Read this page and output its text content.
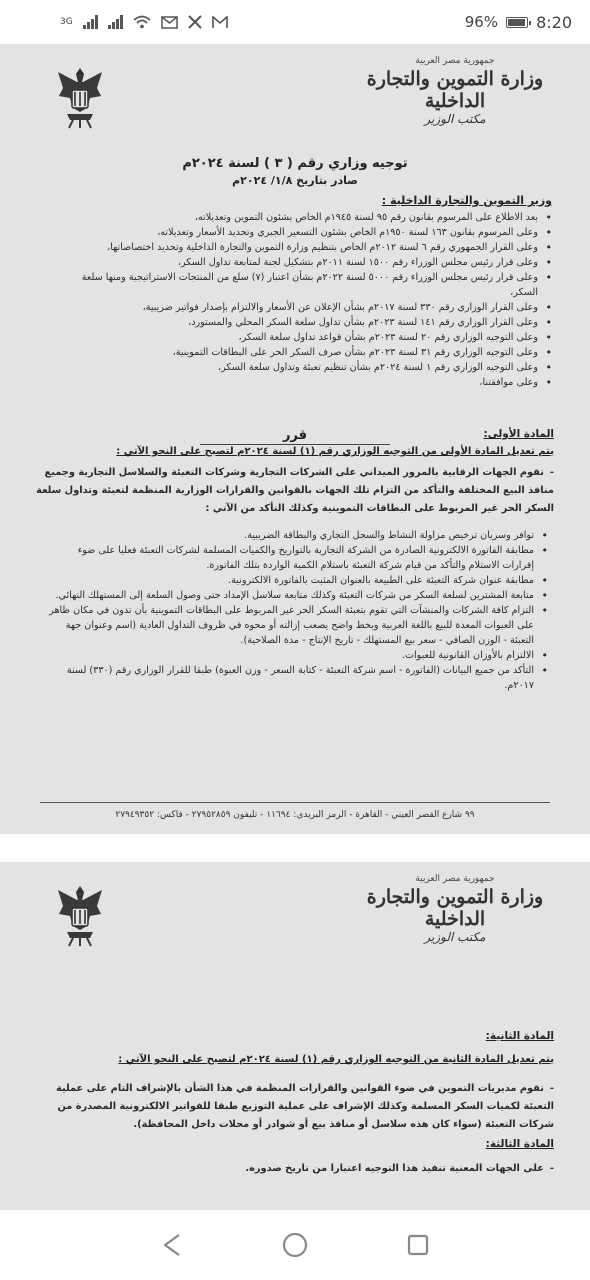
3G	96% 8:20
جمهورية مصر العربية
وزارة التموين والتجارة الداخلية
مكتب الوزير
توجيه وزاري رقم ( ٣ ) لسنة ٢٠٢٤م
صادر بتاريخ ١/٨/ ٢٠٢٤م
وزير التموين والتجارة الداخلية :
• بعد الاطلاع على المرسوم بقانون رقم ٩٥ لسنة ١٩٤٥م الخاص بشئون التموين وتعديلاته،
• وعلى المرسوم بقانون ١٦٣ لسنة ١٩٥٠م الخاص بشئون التسعير الجبري وتحديد الأسعار وتعديلاته،
• وعلى القرار الجمهوري رقم ٦ لسنة ٢٠١٢م الخاص بتنظيم وزارة التموين والتجارة الداخلية وتحديد اختصاصاتها،
• وعلى قرار رئيس مجلس الوزراء رقم ١٥٠٠ لسنة ٢٠١١م بتشكيل لجنة لمتابعة تداول السكر،
• وعلى قرار رئيس مجلس الوزراء رقم ٥٠٠٠ لسنة ٢٠٢٢م بشأن اعتبار (٧) سلع من المنتجات الاستراتيجية ومنها سلعة السكر،
• وعلى القرار الوزاري رقم ٣٣٠ لسنة ٢٠١٧م بشأن الإعلان عن الأسعار والالتزام بإصدار فواتير ضريبية،
• وعلى القرار الوزاري رقم ١٤١ لسنة ٢٠٢٣م بشأن تداول سلعة السكر المحلي والمستورد،
• وعلى التوجيه الوزاري رقم ٢٠ لسنة ٢٠٢٣م بشأن قواعد تداول سلعة السكر،
• وعلى التوجيه الوزاري رقم ٣١ لسنة ٢٠٢٣م بشأن صرف السكر الحر على البطاقات التموينية،
• وعلى التوجيه الوزاري رقم ١ لسنة ٢٠٢٤م بشأن تنظيم تعبئة وتداول سلعة السكر،
• وعلى موافقتنا،
قرر	المادة الأولى:
يتم تعديل المادة الأولى من التوجيه الوزاري رقم (١) لسنة ٢٠٢٤م لتصبح على النحو الآتي :
-تقوم الجهات الرقابية بالمرور الميداني على الشركات التجارية وشركات التعبئة والسلاسل التجارية وجميع منافذ البيع المختلفة والتأكد من التزام تلك الجهات بالقوانين والقرارات الوزارية المنظمة لتعبئة وتداول سلعة السكر الحر غير المربوط على البطاقات التموينية وكذلك التأكد من الآتي :
• توافر وسريان ترخيص مزاولة النشاط والسجل التجاري والبطاقة الضريبية.
• مطابقة الفاتورة الالكترونية الصادرة من الشركة التجارية بالتواريخ والكميات المسلمة لشركات التعبئة فعليا على ضوء إقرارات الاستلام والتأكد من قيام شركة التعبئة باستلام الكمية الواردة بتلك الفاتورة.
• مطابقة عنوان شركة التعبئة على الطبيعة بالعنوان المثبت بالفاتورة الالكترونية.
• متابعة المشترين لسلعة السكر من شركات التعبئة وكذلك متابعة سلاسل الإمداد حتى وصول السلعة إلى المستهلك النهائي.
• التزام كافة الشركات والمنشآت التي تقوم بتعبئة السكر الحر غير المربوط على البطاقات التموينية بأن تدون في مكان ظاهر على العبوات المعدة للبيع باللغة العربية وبخط واضح يصعب إزالته أو محوه في ظروف التداول العادية (اسم وعنوان جهة التعبئة - الوزن الصافي - سعر بيع المستهلك - تاريخ الإنتاج - مدة الصلاحية).
• الالتزام بالأوزان القانونية للعبوات.
• التأكد من جميع البيانات (الفاتورة - اسم شركة التعبئة - كتابة السعر - وزن العبوة) طبقا للقرار الوزاري رقم (٣٣٠) لسنة ٢٠١٧م.
٩٩ شارع القصر العيني - القاهرة - الرمز البريدي: ١١٦٩٤ - تليفون ٢٧٩٥٢٨٥٩ - فاكس: ٢٧٩٤٩٣٥٢
جمهورية مصر العربية
وزارة التموين والتجارة الداخلية
مكتب الوزير
المادة الثانية:
يتم تعديل المادة الثانية من التوجيه الوزاري رقم (١) لسنة ٢٠٢٤م لتصبح على النحو الآتي :
-تقوم مديريات التموين في ضوء القوانين والقرارات المنظمة في هذا الشأن بالإشراف التام على عملية التعبئة لكميات السكر المسلمة وكذلك الإشراف على عملية التوزيع طبقا للفواتير الالكترونية المصدرة من شركات التعبئة (سواء كان هذه سلاسل أو منافذ بيع أو شوادر أو محلات داخل المحافظة).
المادة الثالثة:
-على الجهات المعنية تنفيذ هذا التوجيه اعتبارا من تاريخ صدوره.
